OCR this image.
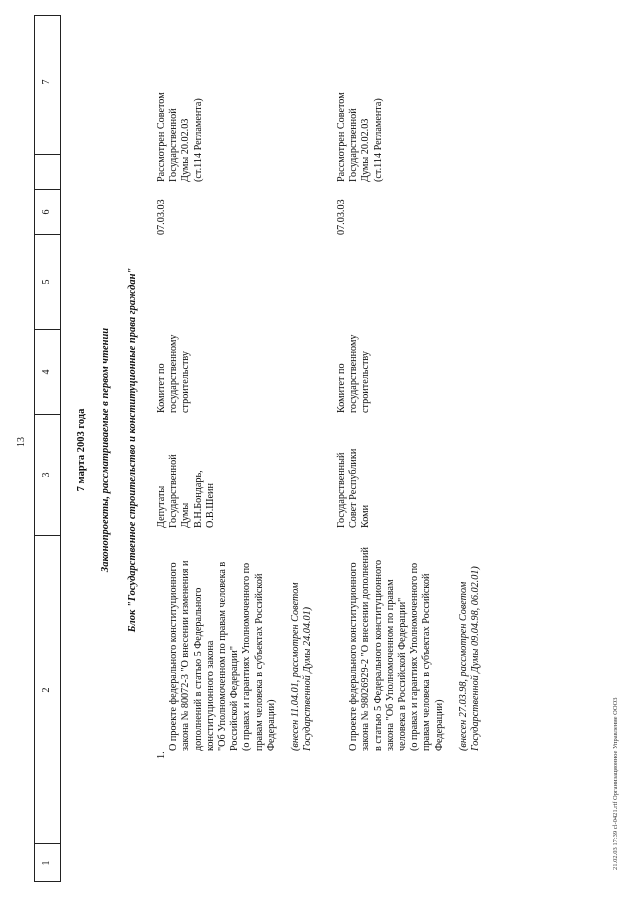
1
2
3
4
5
6
7
13	7 марта 2003 года Законопроекты, рассматриваемые в первом чтении Блок "Государственное строительство и конституционные права граждан"
1.

О проекте федерального конституционного
закона № 80072-3 "О внесении изменения и
дополнений в статью 5 Федерального
конституционного закона
"Об Уполномоченном по правам человека в
Российской Федерации"
(о правах и гарантиях Уполномоченного по
правам человека в субъектах Российской
Федерации) (внесен 11.04.01, рассмотрен Советом
Государственной Думы 24.04.01)

Депутаты
Государственной
Думы
В.Н.Бондарь,
О.В.Шеин
Комитет по
государственному
строительству
07.03.03
Рассмотрен Советом
Государственной
Думы 20.02.03
(ст.114 Регламента)

О проекте федерального конституционного
закона № 98026929-2 "О внесении дополнений
в статью 5 Федерального конституционного
закона "Об Уполномоченном по правам
человека в Российской Федерации"
(о правах и гарантиях Уполномоченного по
правам человека в субъектах Российской
Федерации) (внесен 27.03.98, рассмотрен Советом
Государственной Думы 09.04.98, 06.02.01)

Государственный
Совет Республики
Коми
Комитет по
государственному
строительству
07.03.03
Рассмотрен Советом
Государственной
Думы 20.02.03
(ст.114 Регламента)
21.02.03 17:39 cl-0421.rtf Организационное Управление ООО3
